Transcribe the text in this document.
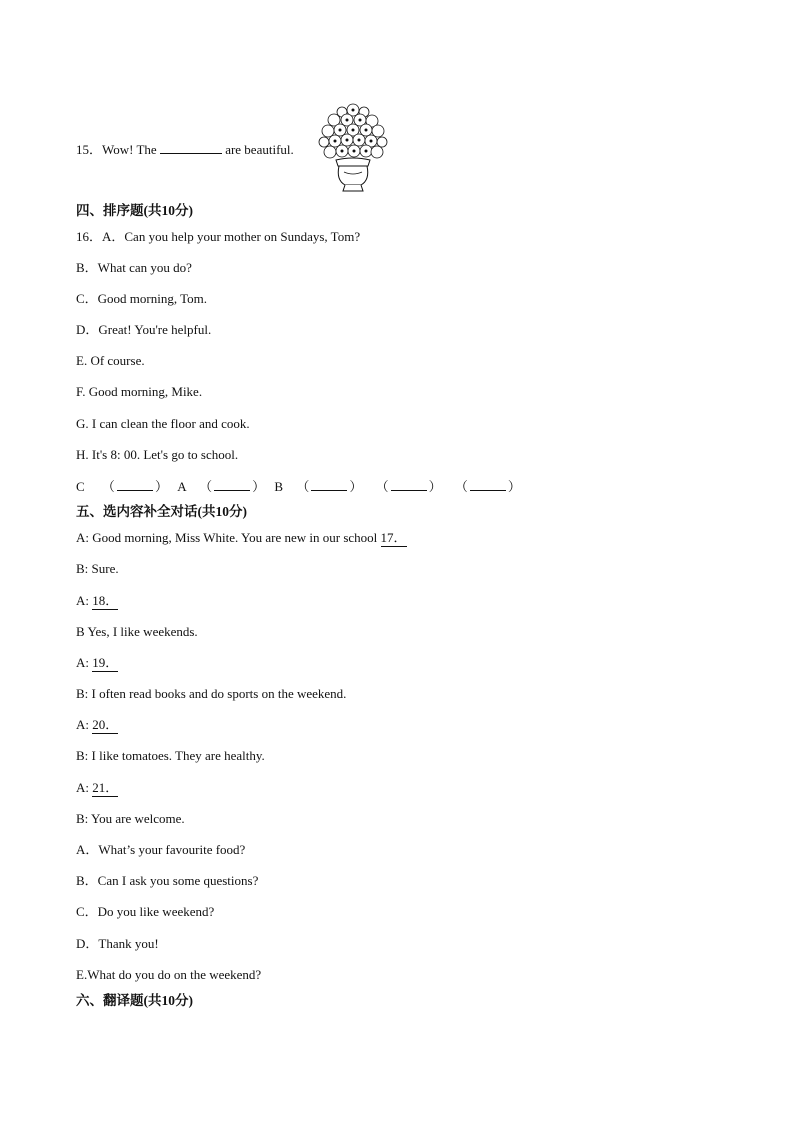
15．Wow! The	are beautiful.
四、排序题(共10分)
16．A．Can you help your mother on Sundays, Tom?
B．What can you do?
C．Good morning, Tom.
D．Great! You're helpful.
E. Of course.
F. Good morning, Mike.
G. I can clean the floor and cook.
H. It's 8: 00. Let's go to school.
C （	） A （	） B （	） （	） （	）
五、选内容补全对话(共10分)
A: Good morning, Miss White. You are new in our school 17．
B: Sure.
A: 18．
B Yes, I like weekends.
A: 19．
B: I often read books and do sports on the weekend.
A: 20．
B: I like tomatoes. They are healthy.
A: 21．
B: You are welcome.
A．What’s your favourite food?
B．Can I ask you some questions?
C．Do you like weekend?
D．Thank you!
E.What do you do on the weekend?
六、翻译题(共10分)
